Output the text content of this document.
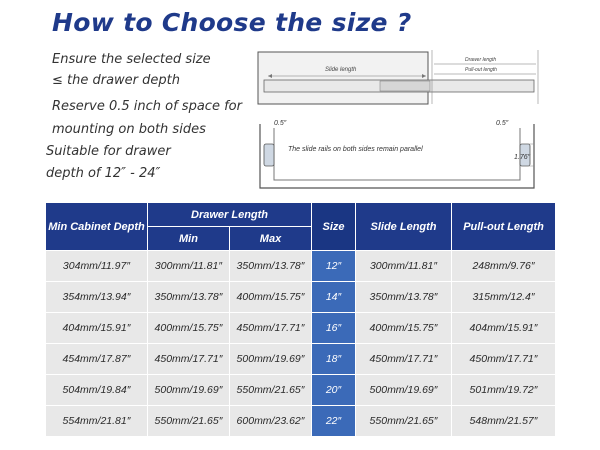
How to Choose the size ?

Ensure the selected size

≤ the drawer depth

Reserve 0.5 inch of space for

mounting on both sides

Suitable for drawer

depth of 12″ - 24″

Slide length
Drawer length
Pull-out length
0.5″	0.5″
The slide rails on both sides remain parallel
1.76″
Min Cabinet Depth	Drawer Length		Size	Slide Length	Pull-out Length
	Min	Max			
304mm/11.97″	300mm/11.81″	350mm/13.78″	12″	300mm/11.81″	248mm/9.76″
354mm/13.94″	350mm/13.78″	400mm/15.75″	14″	350mm/13.78″	315mm/12.4″
404mm/15.91″	400mm/15.75″	450mm/17.71″	16″	400mm/15.75″	404mm/15.91″
454mm/17.87″	450mm/17.71″	500mm/19.69″	18″	450mm/17.71″	450mm/17.71″
504mm/19.84″	500mm/19.69″	550mm/21.65″	20″	500mm/19.69″	501mm/19.72″
554mm/21.81″	550mm/21.65″	600mm/23.62″	22″	550mm/21.65″	548mm/21.57″
